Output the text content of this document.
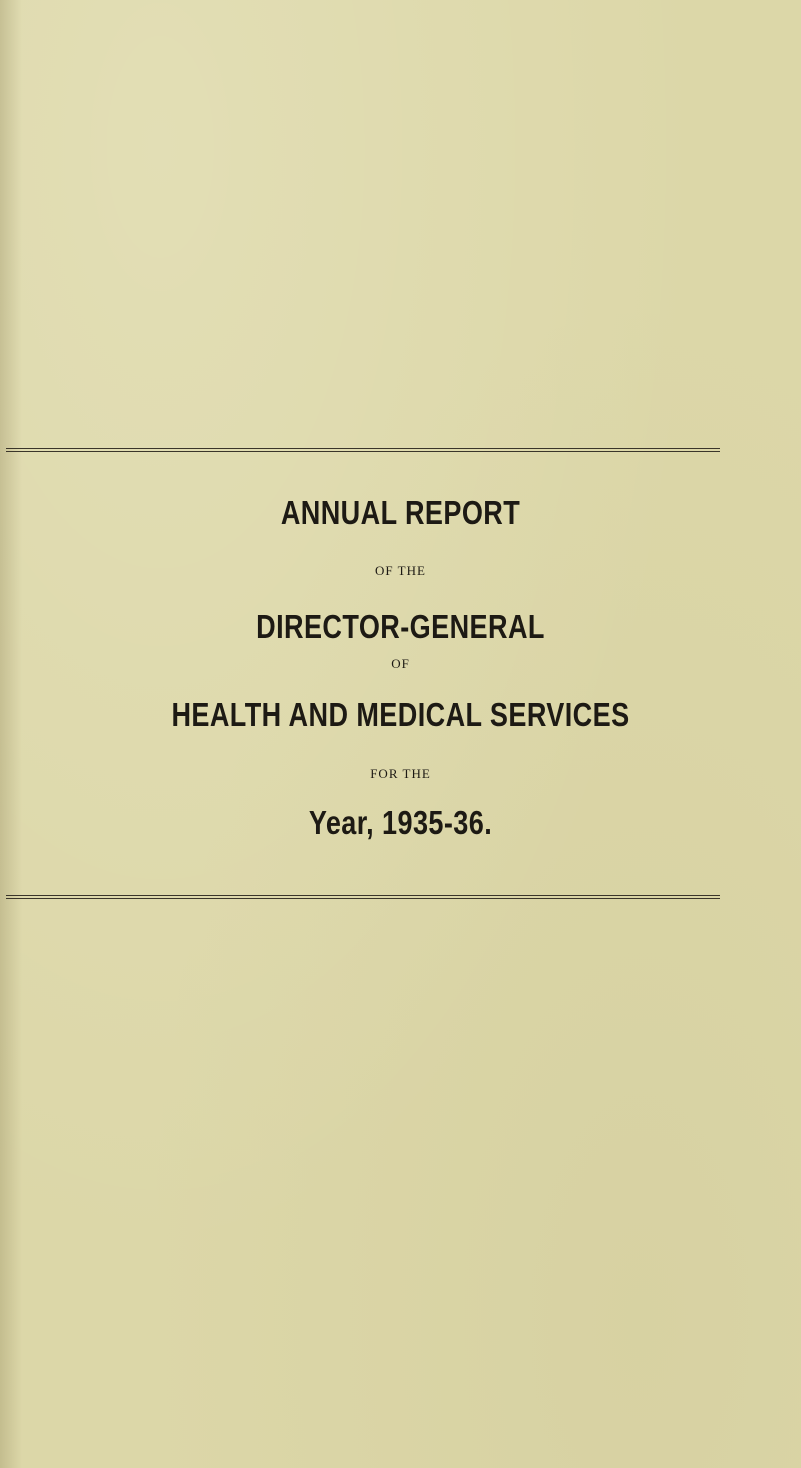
ANNUAL REPORT
OF THE
DIRECTOR-GENERAL
OF
HEALTH AND MEDICAL SERVICES
FOR THE
Year, 1935-36.
